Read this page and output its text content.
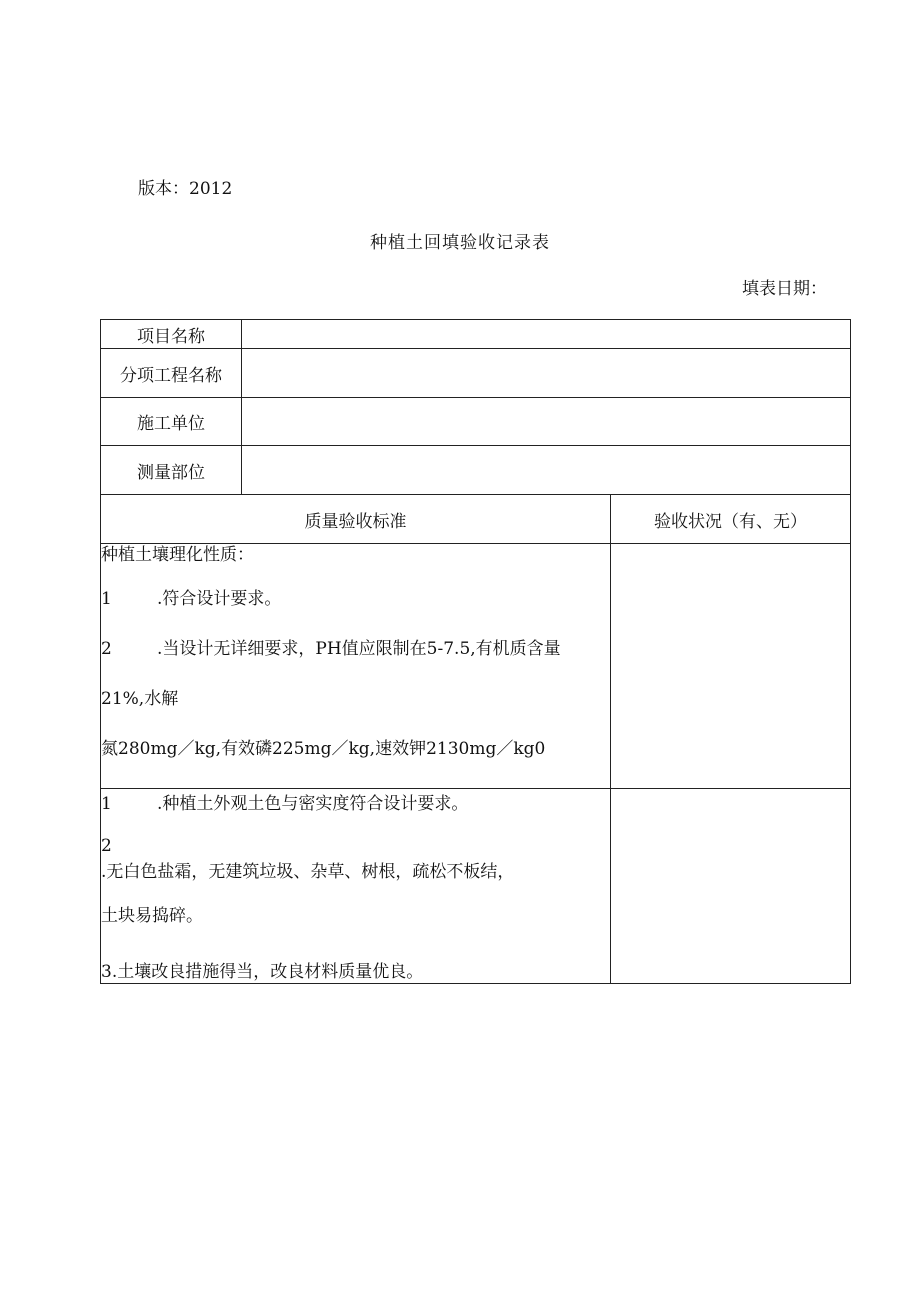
版本：2012
种植土回填验收记录表
填表日期：
项目名称		
分项工程名称		
施工单位		
测量部位		
质量验收标准		验收状况（有、无）

种植土壤理化性质：
1 .符合设计要求。
2 .当设计无详细要求，PH值应限制在5-7.5,有机质含量
21%,水解
氮280mg／kg,有效磷225mg／kg,速效钾2130mg／kg0		

1 .种植土外观土色与密实度符合设计要求。
2.无白色盐霜，无建筑垃圾、杂草、树根，疏松不板结，
土块易捣碎。
3.土壤改良措施得当，改良材料质量优良。		
